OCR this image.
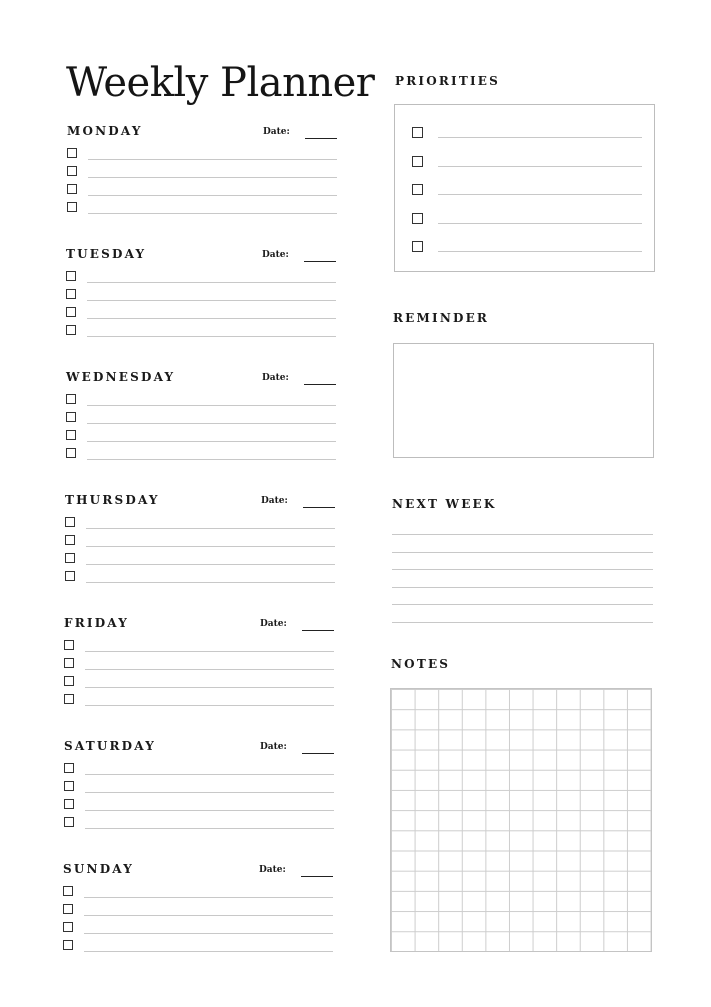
Weekly Planner
MONDAY	Date:
TUESDAY	Date:
WEDNESDAY	Date:
THURSDAY	Date:
FRIDAY	Date:
SATURDAY	Date:
SUNDAY	Date:
PRIORITIES
REMINDER
NEXT WEEK
NOTES
